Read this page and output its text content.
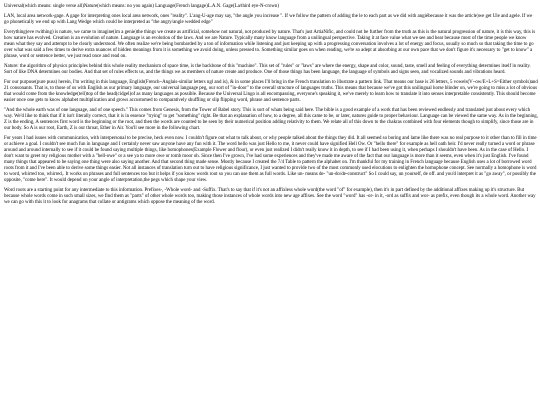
Universal(which means: single verse all)Nature(which means: no you again) Language(French langage)L.A.N. Gage(La/third eye-N-crown)

LAN, local area network-gage. A gage for interpreting ones local area network, ones "reality". L'ang-U-age may say, "the angle you increase ". If we follow the pattern of adding the le to each part as we did with angiébecause it was the article)we get Ule and agele. If we go phonetically we end up with Lang Wedge which could be interpreted as "the angry/angle wedded edge"

Everything(eve rwithing) is nature, we came to imagine(im a genie)the things we create as artificial, somehow not natural, not produced by nature. That's just ArtiaNific, and could not be further from the truth as this is the natural progression of nature, it is this way, this is how nature has evolved. Creation is an evolution of nature. Language is an evolution of the laws. And we are Nature. Typically many know language from a unilingual perspective. Taking it at face value what we see and hear because most of the time people we know mean what they say and attempt to be clearly understood. We often realize we're being bombarded by a ton of information while listening and just keeping up with a progressing conversation involves a lot of energy and focus, usually so much so that taking the time to go over what was said a few times to derive extra nuances of hidden meanings from it is something we avoid doing, unless pressed to. Something similar goes on when reading, we're so adept at absorbing at our own pace that we don't figure it's necessary to "get to know" a phrase, word or sentence better, we just read once and read on.

Nature: the algorithm of physics principles behind this whole reality mechanism of space time, is the backbone of this "machine". This set of "rules" or "laws" are where the energy, shape and color, sound, taste, smell and feeling of everything determines itself in reality. Sort of like DNA determines our bodies. And that set of rules effects us, and the things we as members of nature create and produce. One of those things has been language, the language of symbols and signs seen, and vocalized sounds and vibrations heard.

For our purpose(pure puss) herein, I'm writing in this language, English(French~Anglais-similar letters ngl and is), & in some places I'll bring in the French translation to illustrate a pattern link. That means our base is 26 letters, 5 vowels(V~ow/E+L+S=Either symbols)and 21 consonants. That is, to those of us with English as our primary language, our universal language peg, our sort of "in-door" to the overall structure of languages truths. This means that because we've got this unilingual horse blinder on, we're going to miss a lot of obvious that would come from the knowledge(tell)top of the head(cidgel)of as many languages as possible. Because the Universal Lingo is all encompassing, everyone's speaking it, we've merely to learn how to translate it into senses interpretable consistently. This should become easier once one gets to know alphabet multiplication and grows accustomed to comparatively shuffling or slip flipping word, phrase and sentence parts.

"And the whole earth was of one language, and of one speech." This comes from Genesis, from the Tower of Babel story. This is sort of whats being said here. The bible is a good example of a work that has been reviewed endlessly and translated just about every which way. We'd like to think that if it isn't literally correct, that it is in essence "trying" to get "something" right. Be that an explanation of how, to a degree, all this came to be, or later, natures guide to proper behaviour. Language can be viewed the same way. As in the beginning, Z is the ending, A sentences first word is the beginning or the root, and then the words are counted to be seen by their numerical position adding relativity to them. We relate all of this down to the chakras combined with four elements though to simplify, since those are in our body. So A is our root, Earth, Z is our throat, Ether in Air. You'll see more in the following chart.

For years I had issues with communication, with interpersonal to be precise, heck even now. I couldn't figure out what to talk about, or why people talked about the things they did. It all seemed so boring and lame like there was no real purpose to it other than to fill in time or achieve a goal. I couldn't see much fun in language and I certainly never saw anyone have any fun with it. The word hello was just Hello to me, it never could have signified Hell Ow. Or "hello there" for example as hell oath heir. I'd never really turned a word or phrase around and around internally to see if it could be found saying multiple things, like homophones(Example Flower and flour), or even just realized I didn't really know it in depth, to see if I had been using it, when perhaps I shouldn't have been. As in the case of Hello. I don't want to greet my religious mother with a "hell-owe" or a see ya to more owe or tomb moor oh. Since then I've grown, I've had some experiences and they've made me aware of the fact that our language is more than it seems, even when it's just English. I've found many things that appeared to be saying one thing were also saying another. And that second thing made sense. Mostly because I created the 7/4 Table to pattern the alphabet on. I'm thankful for my training in French language because English uses a lot of borrowed word roots from it and I've been able to derive some things easier. Not all instances of translation turn out to have religious significance, I just wanted to provide two of the most commonly used elocutions to enlighten the homophone concept. See normally a homophone is word to word, whirred too, whirred,. It works on phrases and full sentences too but it helps if you know words root so you can use them as full words. Like un- means de- "un-do/de-construct" So I could say, un yourself, de off. and you'd interpret it as "go away", or possibly the opposite, "come here". It would depend on your angle of interpretation,the pegs which shape your view.

Word roots are a starting point for any intermediate to this information. Prefixes-, -Whole word- and -Suffix. That's to say that if it's not an affixless whole word(the word "of" for example), then it's in part defined by the additional affixes making up it's structure. But because whole words come in such small sizes, we find them as "parts" of other whole words too, making those instances of whole words into new age affixes. See the word "word" has -or- in it, -ord as suffix and wor- as prefix, even though its a whole word. Another way we can go with this it to look for anagrams that collate or antigrams which oppose the meaning of the word.
